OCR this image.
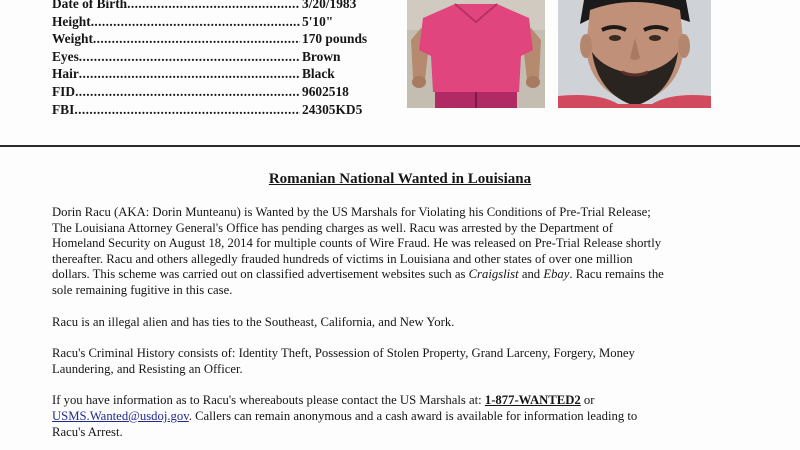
Date of Birth .....	3/20/1983
Height .....	5'10"
Weight .....	170 pounds
Eyes .....	Brown
Hair .....	Black
FID .....	9602518
FBI .....	24305KD5
Romanian National Wanted in Louisiana

Dorin Racu (AKA: Dorin Munteanu) is Wanted by the US Marshals for Violating his Conditions of Pre-Trial Release;
The Louisiana Attorney General's Office has pending charges as well. Racu was arrested by the Department of
Homeland Security on August 18, 2014 for multiple counts of Wire Fraud. He was released on Pre-Trial Release shortly
thereafter. Racu and others allegedly frauded hundreds of victims in Louisiana and other states of over one million
dollars. This scheme was carried out on classified advertisement websites such as Craigslist and Ebay. Racu remains the
sole remaining fugitive in this case.

Racu is an illegal alien and has ties to the Southeast, California, and New York.

Racu's Criminal History consists of: Identity Theft, Possession of Stolen Property, Grand Larceny, Forgery, Money
Laundering, and Resisting an Officer.

If you have information as to Racu's whereabouts please contact the US Marshals at: 1-877-WANTED2 or
USMS.Wanted@usdoj.gov. Callers can remain anonymous and a cash award is available for information leading to
Racu's Arrest.
